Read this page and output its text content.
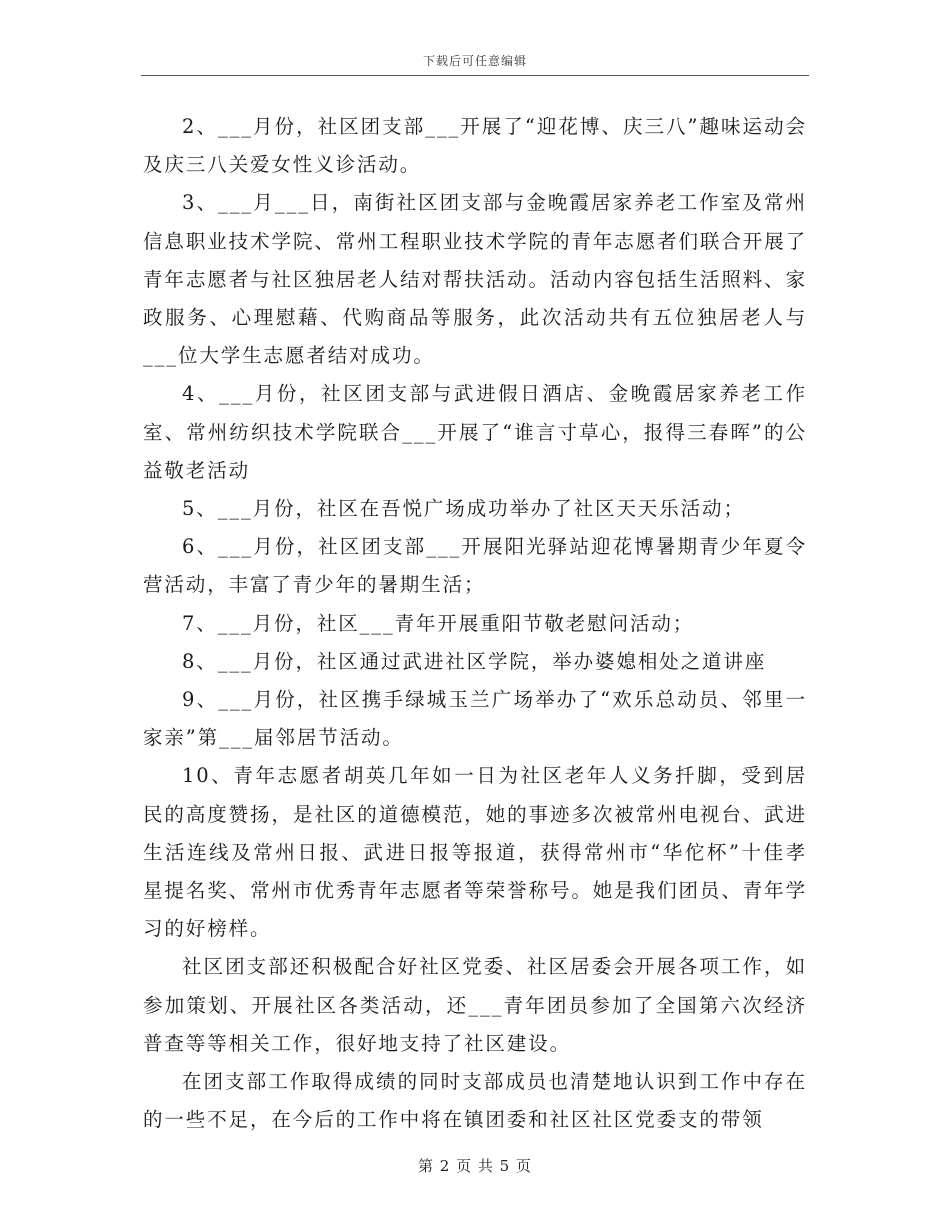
下载后可任意编辑

2、___月份，社区团支部___开展了“迎花博、庆三八”趣味运动会及庆三八关爱女性义诊活动。

3、___月___日，南街社区团支部与金晚霞居家养老工作室及常州信息职业技术学院、常州工程职业技术学院的青年志愿者们联合开展了青年志愿者与社区独居老人结对帮扶活动。活动内容包括生活照料、家政服务、心理慰藉、代购商品等服务，此次活动共有五位独居老人与___位大学生志愿者结对成功。

4、___月份，社区团支部与武进假日酒店、金晚霞居家养老工作室、常州纺织技术学院联合___开展了“谁言寸草心，报得三春晖”的公益敬老活动

5、___月份，社区在吾悦广场成功举办了社区天天乐活动；

6、___月份，社区团支部___开展阳光驿站迎花博暑期青少年夏令营活动，丰富了青少年的暑期生活；

7、___月份，社区___青年开展重阳节敬老慰问活动；

8、___月份，社区通过武进社区学院，举办婆媳相处之道讲座

9、___月份，社区携手绿城玉兰广场举办了“欢乐总动员、邻里一家亲”第___届邻居节活动。

10、青年志愿者胡英几年如一日为社区老年人义务扦脚，受到居民的高度赞扬，是社区的道德模范，她的事迹多次被常州电视台、武进生活连线及常州日报、武进日报等报道，获得常州市“华佗杯”十佳孝星提名奖、常州市优秀青年志愿者等荣誉称号。她是我们团员、青年学习的好榜样。

社区团支部还积极配合好社区党委、社区居委会开展各项工作，如参加策划、开展社区各类活动，还___青年团员参加了全国第六次经济普查等等相关工作，很好地支持了社区建设。

在团支部工作取得成绩的同时支部成员也清楚地认识到工作中存在的一些不足，在今后的工作中将在镇团委和社区社区党委支的带领

第 2 页 共 5 页
